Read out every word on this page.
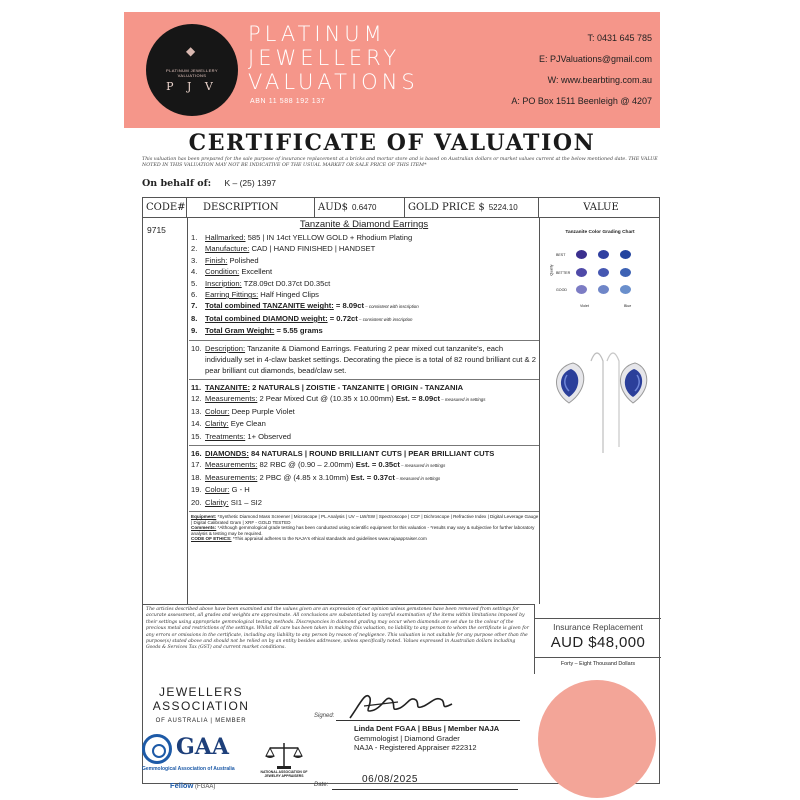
◆
PLATINUM JEWELLERY VALUATIONS
P J V
PLATINUM
JEWELLERY
VALUATIONS
ABN 11 588 192 137
T: 0431 645 785
E: PJValuations@gmail.com
W: www.bearbting.com.au
A: PO Box 1511 Beenleigh @ 4207
CERTIFICATE OF VALUATION
This valuation has been prepared for the sale purpose of insurance replacement at a bricks and mortar store and is based on Australian dollars or market values current at the below mentioned date. THE VALUE NOTED IN THIS VALUATION MAY NOT BE INDICATIVE OF THE USUAL MARKET OR SALE PRICE OF THIS ITEM*
On behalf of: K – (25) 1397
CODE#	DESCRIPTION	AUD$ 0.6470	GOLD PRICE $ 5224.10	VALUE
9715	Tanzanite & Diamond Earrings
1. Hallmarked: 585 | IN 14ct YELLOW GOLD + Rhodium Plating
2. Manufacture: CAD | HAND FINISHED | HANDSET
3. Finish: Polished
4. Condition: Excellent
5. Inscription: TZ8.09ct D0.37ct D0.35ct
6. Earring Fittings: Half Hinged Clips
7. Total combined TANZANITE weight: = 8.09ct – consistent with inscription
8. Total combined DIAMOND weight: = 0.72ct – consistent with inscription
9. Total Gram Weight: = 5.55 grams
10. Description: Tanzanite & Diamond Earrings. Featuring 2 pear mixed cut tanzanite's, each individually set in 4-claw basket settings. Decorating the piece is a total of 82 round brilliant cut & 2 pear brilliant cut diamonds, bead/claw set.
11. TANZANITE: 2 NATURALS | ZOISTIE - TANZANITE | ORIGIN - TANZANIA
12. Measurements: 2 Pear Mixed Cut @ (10.35 x 10.00mm) Est. = 8.09ct – measured in settings
13. Colour: Deep Purple Violet
14. Clarity: Eye Clean
15. Treatments: 1+ Observed
16. DIAMONDS: 84 NATURALS | ROUND BRILLIANT CUTS | PEAR BRILLIANT CUTS
17. Measurements: 82 RBC @ (0.90 – 2.00mm) Est. = 0.35ct – measured in settings
18. Measurements: 2 PBC @ (4.85 x 3.10mm) Est. = 0.37ct – measured in settings
19. Colour: G - H
20. Clarity: SI1 – SI2
Equipment: *Synthetic Diamond Mass Screener | Microscope | PL Analysis | UV – LW/SW | Spectroscope | CCF | Dichroscope | Refractive Index | Digital Leverage Gauge | Digital Calibrated Gram | XRF - GOLD TESTED
Comments: *Although gemmological grade testing has been conducted using scientific equipment for this valuation - *results may vary & subjective for further laboratory analysis & testing may be required.
CODE OF ETHICS: *This appraisal adheres to the NAJA's ethical standards and guidelines www.najaappraiser.com
Tanzanite Color Grading Chart
Quality
BEST
BETTER
GOOD
Violet	Blue
The articles described above have been examined and the values given are an expression of our opinion unless gemstones have been removed from settings for accurate assessment, all grades and weights are approximate. All conclusions are substantiated by careful examination of the items within limitations imposed by their settings using appropriate gemmological testing methods. Discrepancies in diamond grading may occur when diamonds are set due to the colour of the precious metal and restrictions of the settings. Whilst all care has been taken in making this valuation, no liability to any person to whom the certificate is given for any errors or omissions in the certificate, including any liability to any person by reason of negligence. This valuation is not suitable for any purpose other than the purpose(s) stated above and should not be relied on by an entity besides addressee, unless specifically noted. Values expressed in Australian dollars including Goods & Services Tax (GST) and current market conditions.
Insurance Replacement
AUD $48,000
Forty – Eight Thousand Dollars
JEWELLERS
ASSOCIATION
OF AUSTRALIA | MEMBER
GAA
Gemmological Association of Australia
Fellow (FGAA)
NATIONAL ASSOCIATION OF JEWELRY APPRAISERS
Signed:
Linda Dent FGAA | BBus | Member NAJA
Gemmologist | Diamond Grader
NAJA - Registered Appraiser #22312
Date:	06/08/2025
